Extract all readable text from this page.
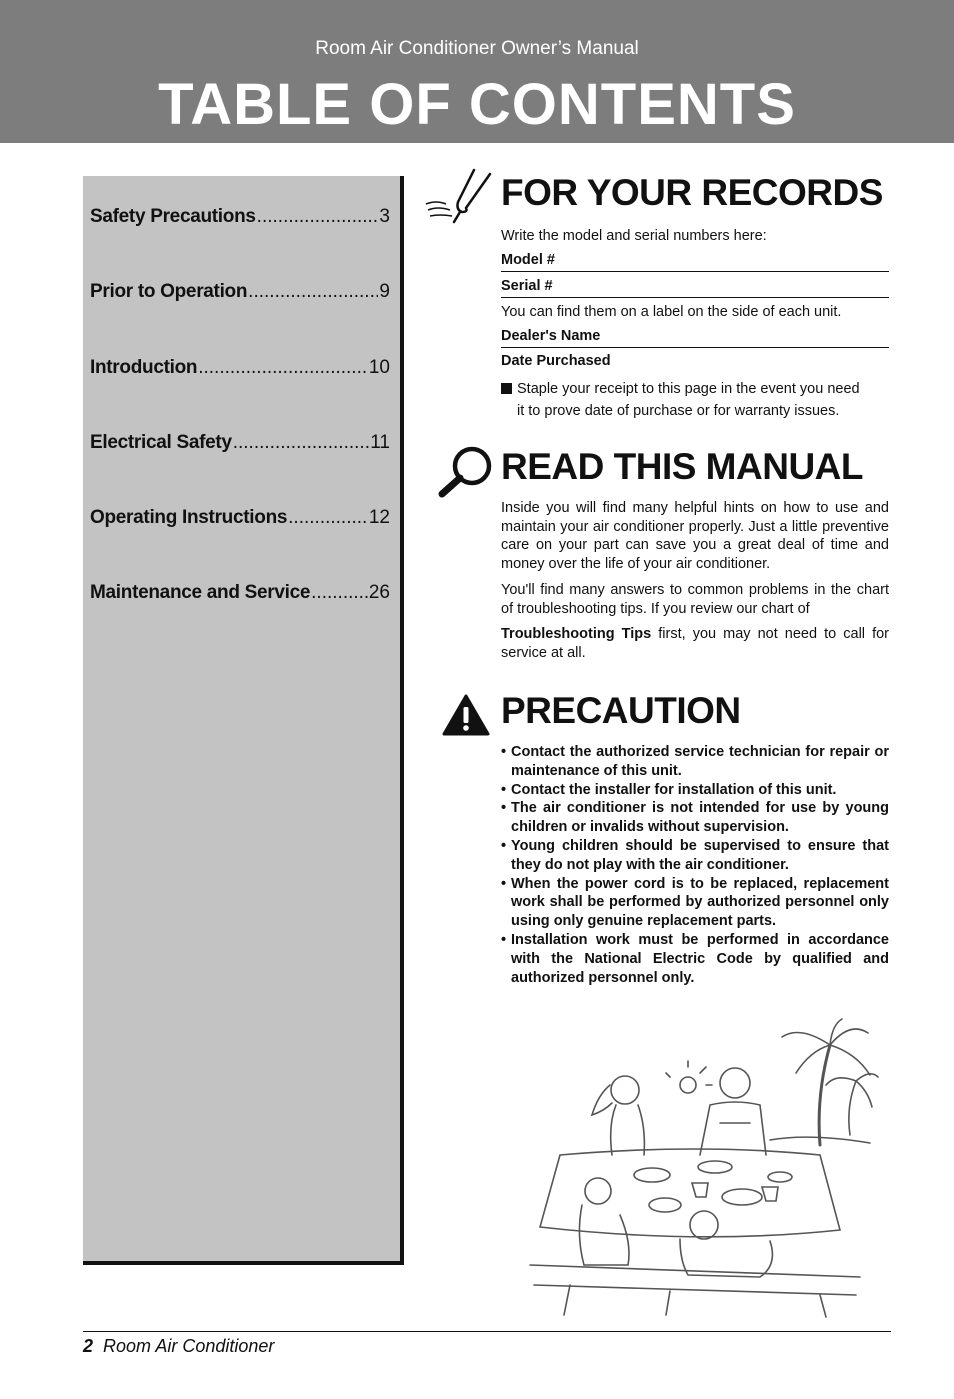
Room Air Conditioner Owner’s Manual
TABLE OF CONTENTS
Safety Precautions .....	3
Prior to Operation .....	9
Introduction .....	10
Electrical Safety .....	11
Operating Instructions .....	12
Maintenance and Service .....	26
FOR YOUR RECORDS
Write the model and serial numbers here:
Model #
Serial #
You can find them on a label on the side of each unit.
Dealer's Name
Date Purchased
Staple your receipt to this page in the event you need
it to prove date of purchase or for warranty issues.
READ THIS MANUAL
Inside you will find many helpful hints on how to use and maintain your air conditioner properly. Just a little preventive care on your part can save you a great deal of time and money over the life of your air conditioner.
You'll find many answers to common problems in the chart of troubleshooting tips. If you review our chart of
Troubleshooting Tips first, you may not need to call for service at all.
PRECAUTION
• Contact the authorized service technician for repair or maintenance of this unit.
• Contact the installer for installation of this unit.
• The air conditioner is not intended for use by young children or invalids without supervision.
• Young children should be supervised to ensure that they do not play with the air conditioner.
• When the power cord is to be replaced, replacement work shall be performed by authorized personnel only using only genuine replacement parts.
• Installation work must be performed in accordance with the National Electric Code by qualified and authorized personnel only.
2 Room Air Conditioner
